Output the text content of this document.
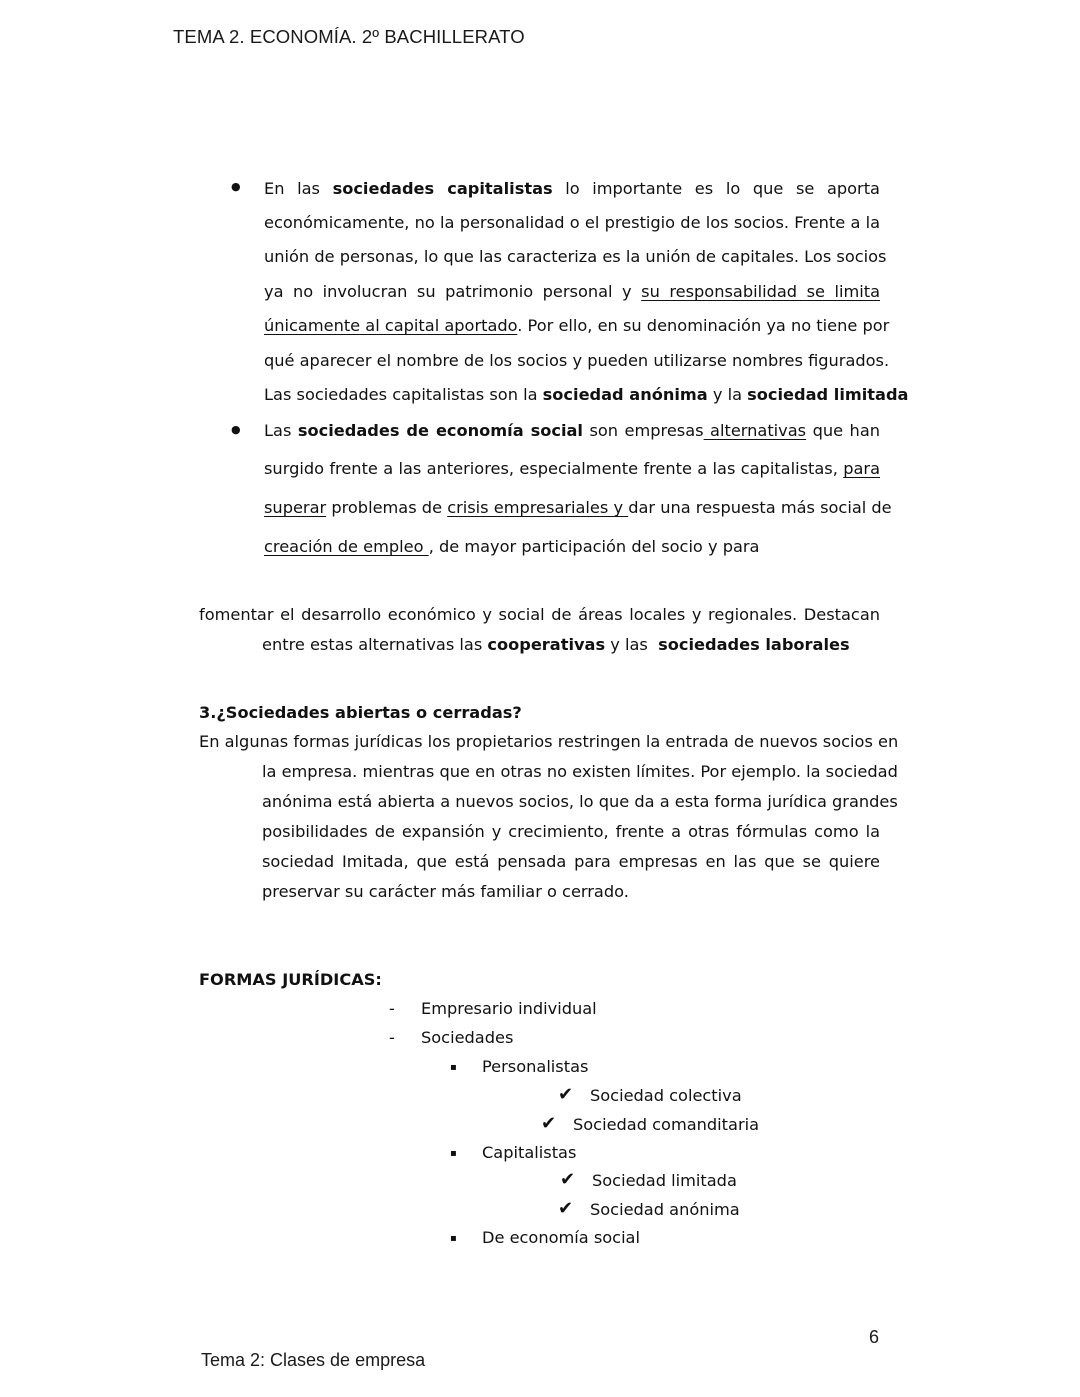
TEMA 2. ECONOMÍA. 2º BACHILLERATO
● En las sociedades capitalistas lo importante es lo que se aporta
económicamente, no la personalidad o el prestigio de los socios. Frente a la
unión de personas, lo que las caracteriza es la unión de capitales. Los socios
ya no involucran su patrimonio personal y su responsabilidad se limita
únicamente al capital aportado. Por ello, en su denominación ya no tiene por
qué aparecer el nombre de los socios y pueden utilizarse nombres figurados.
Las sociedades capitalistas son la sociedad anónima y la sociedad limitada
● Las sociedades de economía social son empresas alternativas que han
surgido frente a las anteriores, especialmente frente a las capitalistas, para
superar problemas de crisis empresariales y dar una respuesta más social de
creación de empleo , de mayor participación del socio y para
fomentar el desarrollo económico y social de áreas locales y regionales. Destacan
entre estas alternativas las cooperativas y las  sociedades laborales
3.¿Sociedades abiertas o cerradas?
En algunas formas jurídicas los propietarios restringen la entrada de nuevos socios en
la empresa. mientras que en otras no existen límites. Por ejemplo. la sociedad
anónima está abierta a nuevos socios, lo que da a esta forma jurídica grandes
posibilidades de expansión y crecimiento, frente a otras fórmulas como la
sociedad Imitada, que está pensada para empresas en las que se quiere
preservar su carácter más familiar o cerrado.
FORMAS JURÍDICAS:
- Empresario individual
- Sociedades
▪ Personalistas
✔ Sociedad colectiva
✔ Sociedad comanditaria
▪ Capitalistas
✔ Sociedad limitada
✔ Sociedad anónima
▪ De economía social
6
Tema 2: Clases de empresa
